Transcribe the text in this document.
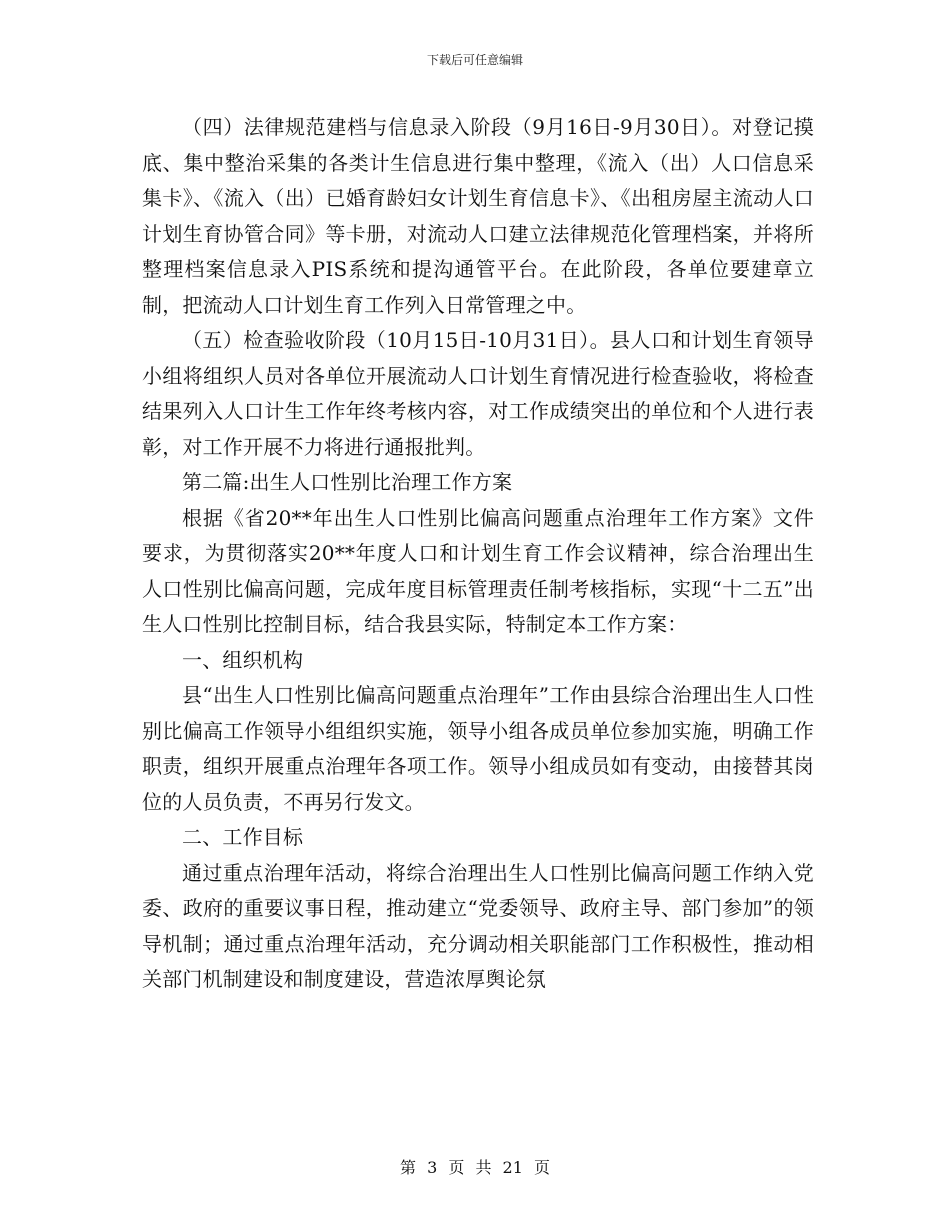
下载后可任意编辑

（四）法律规范建档与信息录入阶段（9月16日-9月30日）。对登记摸底、集中整治采集的各类计生信息进行集中整理，《流入（出）人口信息采集卡》、《流入（出）已婚育龄妇女计划生育信息卡》、《出租房屋主流动人口计划生育协管合同》等卡册，对流动人口建立法律规范化管理档案，并将所整理档案信息录入PIS系统和提沟通管平台。在此阶段，各单位要建章立制，把流动人口计划生育工作列入日常管理之中。

（五）检查验收阶段（10月15日-10月31日）。县人口和计划生育领导小组将组织人员对各单位开展流动人口计划生育情况进行检查验收，将检查结果列入人口计生工作年终考核内容，对工作成绩突出的单位和个人进行表彰，对工作开展不力将进行通报批判。

第二篇:出生人口性别比治理工作方案

根据《省20**年出生人口性别比偏高问题重点治理年工作方案》文件要求，为贯彻落实20**年度人口和计划生育工作会议精神，综合治理出生人口性别比偏高问题，完成年度目标管理责任制考核指标，实现“十二五”出生人口性别比控制目标，结合我县实际，特制定本工作方案：

一、组织机构

县“出生人口性别比偏高问题重点治理年”工作由县综合治理出生人口性别比偏高工作领导小组组织实施，领导小组各成员单位参加实施，明确工作职责，组织开展重点治理年各项工作。领导小组成员如有变动，由接替其岗位的人员负责，不再另行发文。

二、工作目标

通过重点治理年活动，将综合治理出生人口性别比偏高问题工作纳入党委、政府的重要议事日程，推动建立“党委领导、政府主导、部门参加”的领导机制；通过重点治理年活动，充分调动相关职能部门工作积极性，推动相关部门机制建设和制度建设，营造浓厚舆论氛

第 3 页 共 21 页
